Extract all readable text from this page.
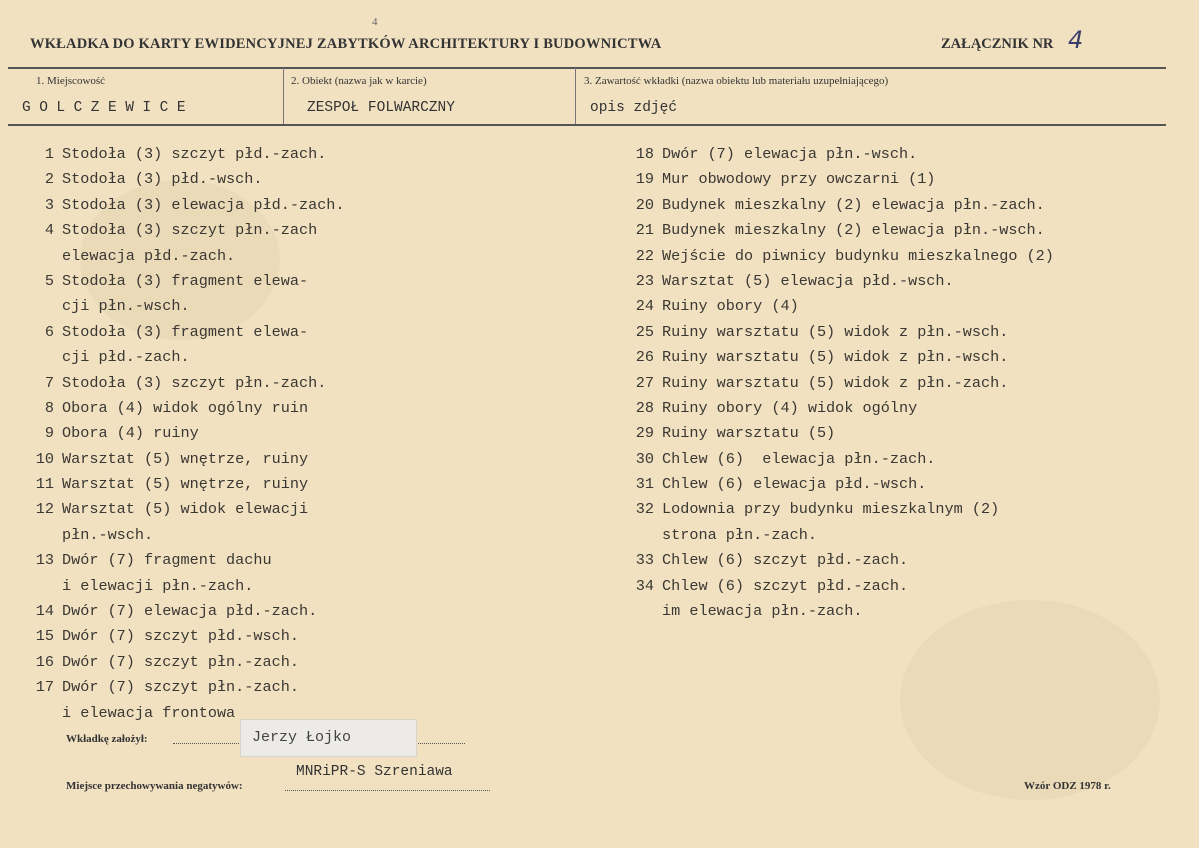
4
WKŁADKA DO KARTY EWIDENCYJNEJ ZABYTKÓW ARCHITEKTURY I BUDOWNICTWA	ZAŁĄCZNIK NR 4
1. Miejscowość
GOLCZEWICE
2. Obiekt (nazwa jak w karcie)
ZESPOŁ FOLWARCZNY
3. Zawartość wkładki (nazwa obiektu lub materiału uzupełniającego)
opis zdjęć
1 Stodoła (3) szczyt płd.-zach.
2 Stodoła (3) płd.-wsch.
3 Stodoła (3) elewacja płd.-zach.
4 Stodoła (3) szczyt płn.-zach
elewacja płd.-zach.
5 Stodoła (3) fragment elewa-
cji płn.-wsch.
6 Stodoła (3) fragment elewa-
cji płd.-zach.
7 Stodoła (3) szczyt płn.-zach.
8 Obora (4) widok ogólny ruin
9 Obora (4) ruiny
10 Warsztat (5) wnętrze, ruiny
11 Warsztat (5) wnętrze, ruiny
12 Warsztat (5) widok elewacji
płn.-wsch.
13 Dwór (7) fragment dachu
i elewacji płn.-zach.
14 Dwór (7) elewacja płd.-zach.
15 Dwór (7) szczyt płd.-wsch.
16 Dwór (7) szczyt płn.-zach.
17 Dwór (7) szczyt płn.-zach.
i elewacja frontowa
18 Dwór (7) elewacja płn.-wsch.
19 Mur obwodowy przy owczarni (1)
20 Budynek mieszkalny (2) elewacja płn.-zach.
21 Budynek mieszkalny (2) elewacja płn.-wsch.
22 Wejście do piwnicy budynku mieszkalnego (2)
23 Warsztat (5) elewacja płd.-wsch.
24 Ruiny obory (4)
25 Ruiny warsztatu (5) widok z płn.-wsch.
26 Ruiny warsztatu (5) widok z płn.-wsch.
27 Ruiny warsztatu (5) widok z płn.-zach.
28 Ruiny obory (4) widok ogólny
29 Ruiny warsztatu (5)
30 Chlew (6)  elewacja płn.-zach.
31 Chlew (6) elewacja płd.-wsch.
32 Lodownia przy budynku mieszkalnym (2)
strona płn.-zach.
33 Chlew (6) szczyt płd.-zach.
34 Chlew (6) szczyt płd.-zach.
im elewacja płn.-zach.
Wkładkę założył:	Jerzy Łojko
Miejsce przechowywania negatywów:
MNRiPR-S Szreniawa
Wzór ODZ 1978 r.
